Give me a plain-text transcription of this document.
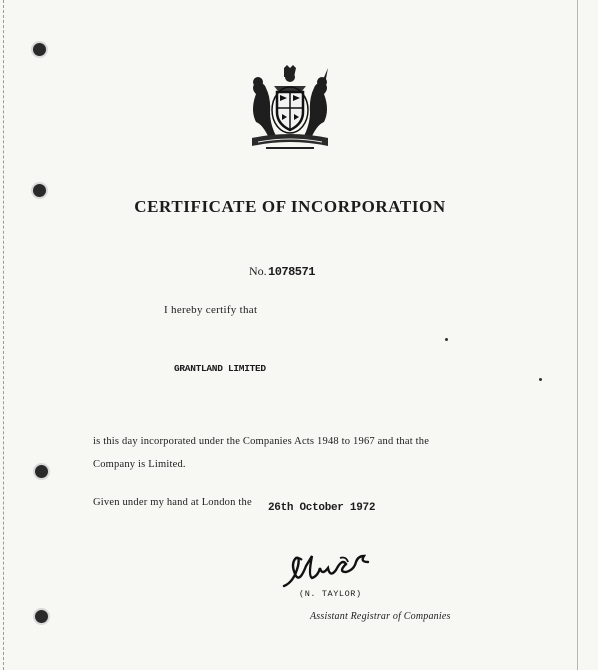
CERTIFICATE OF INCORPORATION
No. 1078571
I hereby certify that
GRANTLAND LIMITED
is this day incorporated under the Companies Acts 1948 to 1967 and that the
Company is Limited.
Given under my hand at London the 26th October 1972
(N. TAYLOR)
Assistant Registrar of Companies
